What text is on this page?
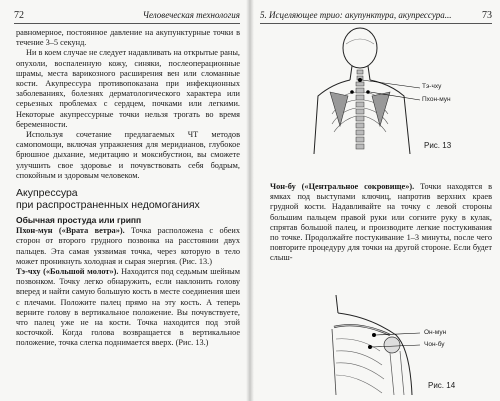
72	Человеческая технология

равномерное, постоянное давление на акупунктурные точки в течение 3–5 секунд.

Ни в коем случае не следует надавливать на открытые раны, опухоли, воспаленную кожу, синяки, послеоперационные шрамы, места варикозного расширения вен или сломанные кости. Акупрессура противопоказана при инфекционных заболеваниях, болезнях дерматологического характера или серьезных проблемах с сердцем, почками или легкими. Некоторые акупрессурные точки нельзя трогать во время беременности.

Используя сочетание предлагаемых ЧТ методов самопомощи, включая упражнения для меридианов, глубокое брюшное дыхание, медитацию и моксибустион, вы сможете улучшить свое здоровье и почувствовать себя бодрым, спокойным и здоровым человеком.

Акупрессура
при распространенных недомоганиях
Обычная простуда или грипп

Пхон-мун («Врата ветра»). Точка расположена с обеих сторон от второго грудного позвонка на расстоянии двух пальцев. Эта самая уязвимая точка, через которую в тело может проникнуть холодная и сырая энергия. (Рис. 13.)

Тэ-чху («Большой молот»). Находится под седьмым шейным позвонком. Точку легко обнаружить, если наклонить голову вперед и найти самую большую кость в месте соединения шеи с плечами. Положите палец прямо на эту кость. А теперь верните голову в вертикальное положение. Вы почувствуете, что палец уже не на кости. Точка находится под этой косточкой. Когда голова возвращается в вертикальное положение, точка слегка поднимается вверх. (Рис. 13.)

5. Исцеляющее трио: акупунктура, акупрессура...	73
Тэ-чху
Пхон-мун
Рис. 13

Чон-бу («Центральное сокровище»). Точки находятся в ямках под выступами ключиц, напротив верхних краев грудной кости. Надавливайте на точку с левой стороны большим пальцем правой руки или согните руку в кулак, спрятав большой палец, и производите легкие постукивания по точке. Продолжайте постукивание 1–3 минуты, после чего повторите процедуру для точки на другой стороне. Если будет слыш-

Он-мун
Чон-бу
Рис. 14
